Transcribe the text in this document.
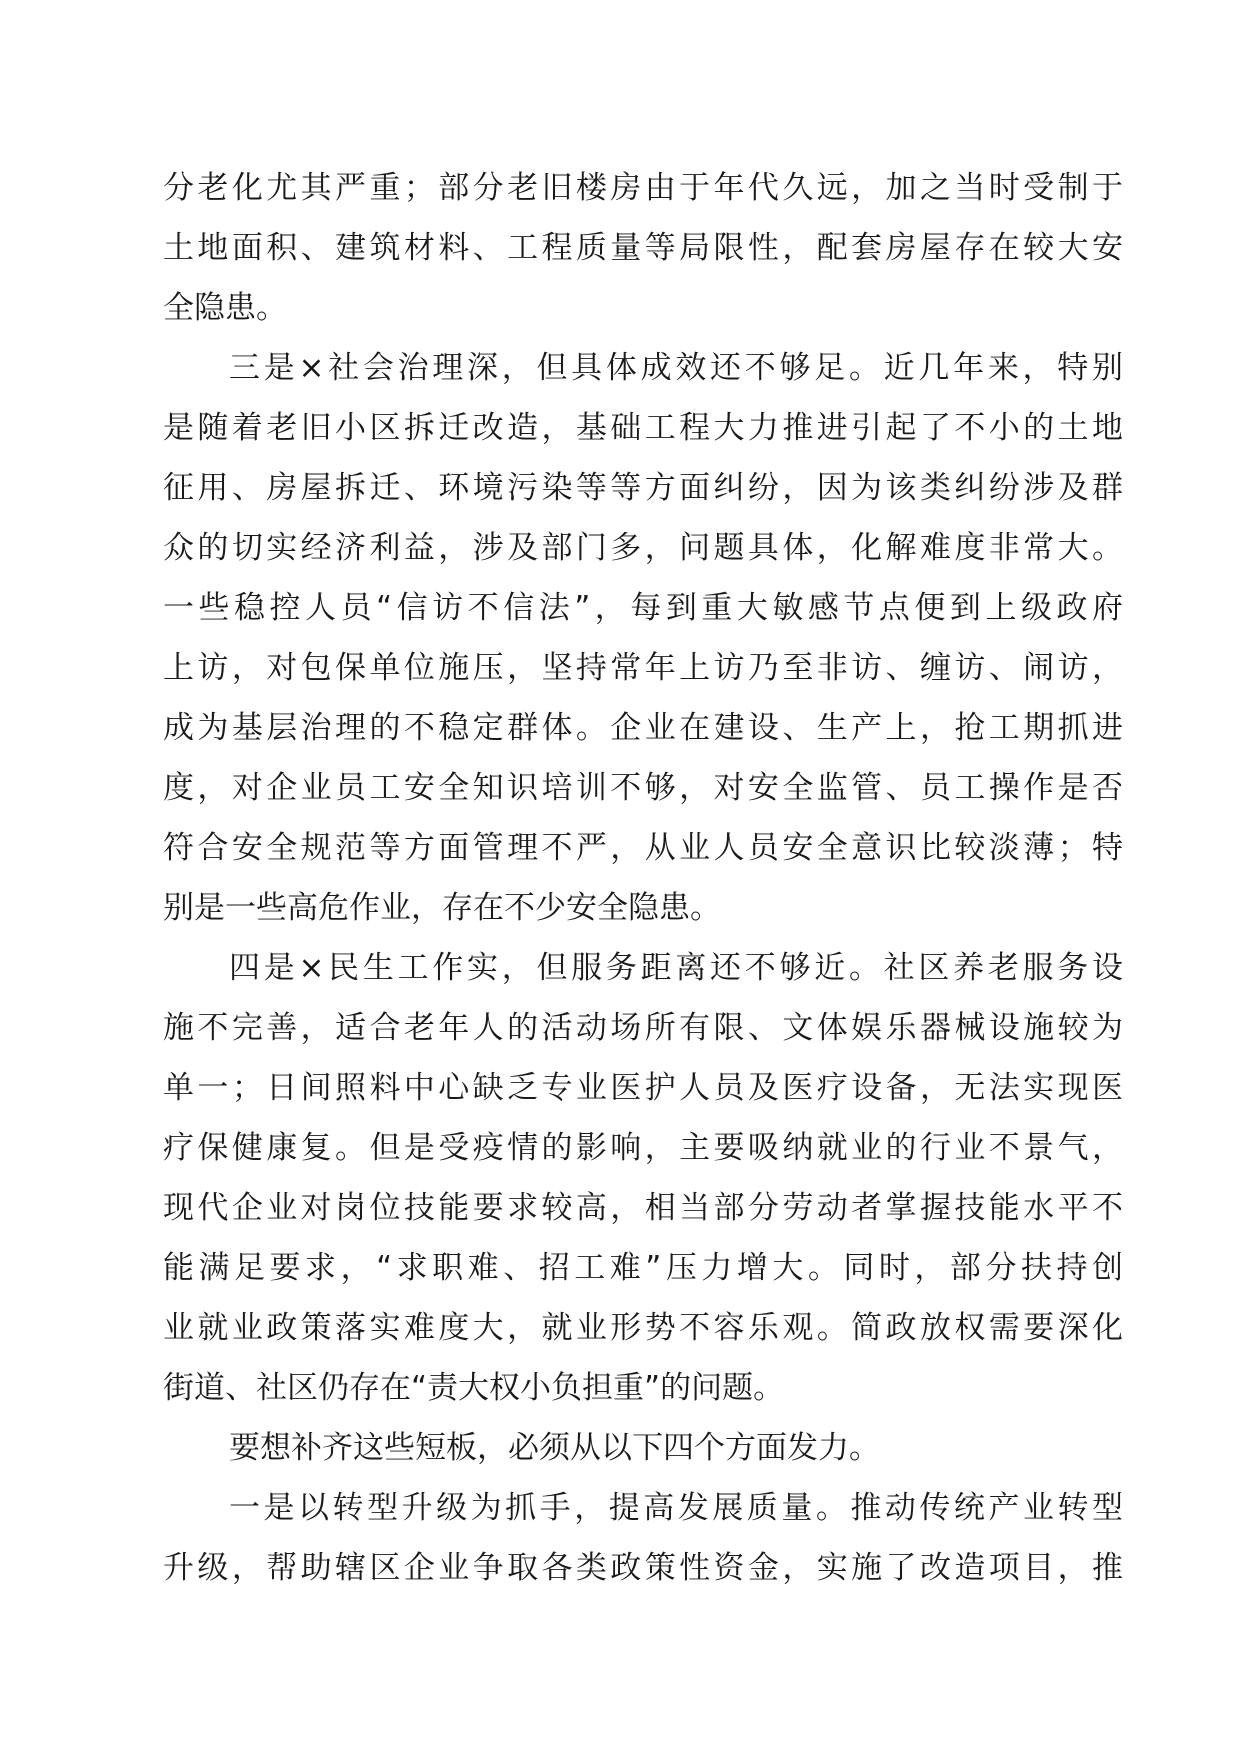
分老化尤其严重；部分老旧楼房由于年代久远，加之当时受制于
土地面积、建筑材料、工程质量等局限性，配套房屋存在较大安
全隐患。
三是×社会治理深，但具体成效还不够足。近几年来，特别
是随着老旧小区拆迁改造，基础工程大力推进引起了不小的土地
征用、房屋拆迁、环境污染等等方面纠纷，因为该类纠纷涉及群
众的切实经济利益，涉及部门多，问题具体，化解难度非常大。
一些稳控人员“信访不信法”，每到重大敏感节点便到上级政府
上访，对包保单位施压，坚持常年上访乃至非访、缠访、闹访，
成为基层治理的不稳定群体。企业在建设、生产上，抢工期抓进
度，对企业员工安全知识培训不够，对安全监管、员工操作是否
符合安全规范等方面管理不严，从业人员安全意识比较淡薄；特
别是一些高危作业，存在不少安全隐患。
四是×民生工作实，但服务距离还不够近。社区养老服务设
施不完善，适合老年人的活动场所有限、文体娱乐器械设施较为
单一；日间照料中心缺乏专业医护人员及医疗设备，无法实现医
疗保健康复。但是受疫情的影响，主要吸纳就业的行业不景气，
现代企业对岗位技能要求较高，相当部分劳动者掌握技能水平不
能满足要求，“求职难、招工难”压力增大。同时，部分扶持创
业就业政策落实难度大，就业形势不容乐观。简政放权需要深化
街道、社区仍存在“责大权小负担重”的问题。
要想补齐这些短板，必须从以下四个方面发力。
一是以转型升级为抓手，提高发展质量。推动传统产业转型
升级，帮助辖区企业争取各类政策性资金，实施了改造项目，推
